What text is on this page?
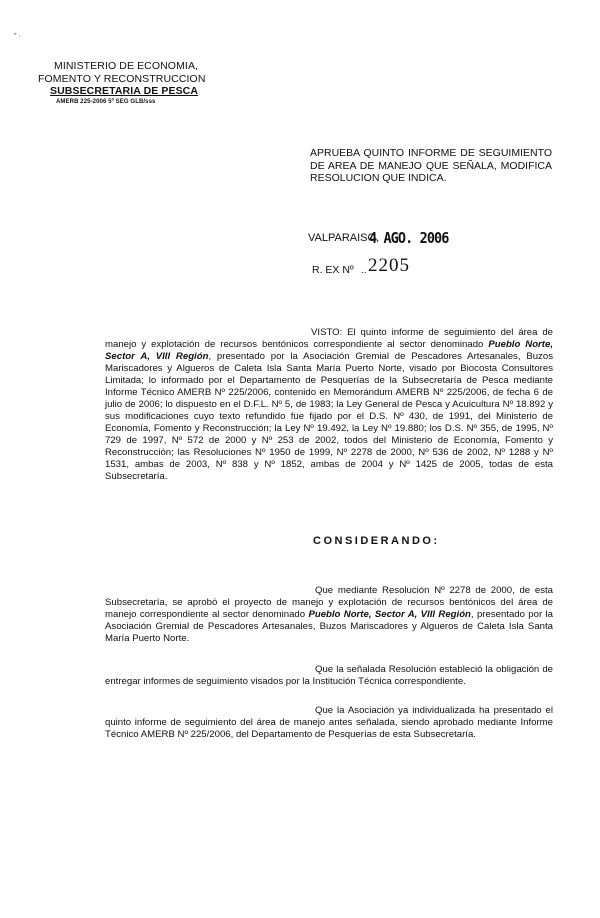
" ·
MINISTERIO DE ECONOMIA,
FOMENTO Y RECONSTRUCCION
SUBSECRETARIA DE PESCA
AMERB 225-2006 5º SEG GLB/sss
APRUEBA QUINTO INFORME DE SEGUIMIENTO DE AREA DE MANEJO QUE SEÑALA, MODIFICA RESOLUCION QUE INDICA.
VALPARAISO,
4 AGO. 2006
R. EX Nº .. 2205
VISTO: El quinto informe de seguimiento del área de manejo y explotación de recursos bentónicos correspondiente al sector denominado Pueblo Norte, Sector A, VIII Región, presentado por la Asociación Gremial de Pescadores Artesanales, Buzos Mariscadores y Algueros de Caleta Isla Santa María Puerto Norte, visado por Biocosta Consultores Limitada; lo informado por el Departamento de Pesquerías de la Subsecretaría de Pesca mediante Informe Técnico AMERB Nº 225/2006, contenido en Memorándum AMERB Nº 225/2006, de fecha 6 de julio de 2006; lo dispuesto en el D.F.L. Nº 5, de 1983; la Ley General de Pesca y Acuicultura Nº 18.892 y sus modificaciones cuyo texto refundido fue fijado por el D.S. Nº 430, de 1991, del Ministerio de Economía, Fomento y Reconstrucción; la Ley Nº 19.492, la Ley Nº 19.880; los D.S. Nº 355, de 1995, Nº 729 de 1997, Nº 572 de 2000 y Nº 253 de 2002, todos del Ministerio de Economía, Fomento y Reconstrucción; las Resoluciones Nº 1950 de 1999, Nº 2278 de 2000, Nº 536 de 2002, Nº 1288 y Nº 1531, ambas de 2003, Nº 838 y Nº 1852, ambas de 2004 y Nº 1425 de 2005, todas de esta Subsecretaría.
CONSIDERANDO:
Que mediante Resolución Nº 2278 de 2000, de esta Subsecretaría, se aprobó el proyecto de manejo y explotación de recursos bentónicos del área de manejo correspondiente al sector denominado Pueblo Norte, Sector A, VIII Región, presentado por la Asociación Gremial de Pescadores Artesanales, Buzos Mariscadores y Algueros de Caleta Isla Santa María Puerto Norte.
Que la señalada Resolución estableció la obligación de entregar informes de seguimiento visados por la Institución Técnica correspondiente.
Que la Asociación ya individualizada ha presentado el quinto informe de seguimiento del área de manejo antes señalada, siendo aprobado mediante Informe Técnico AMERB Nº 225/2006, del Departamento de Pesquerías de esta Subsecretaría.
